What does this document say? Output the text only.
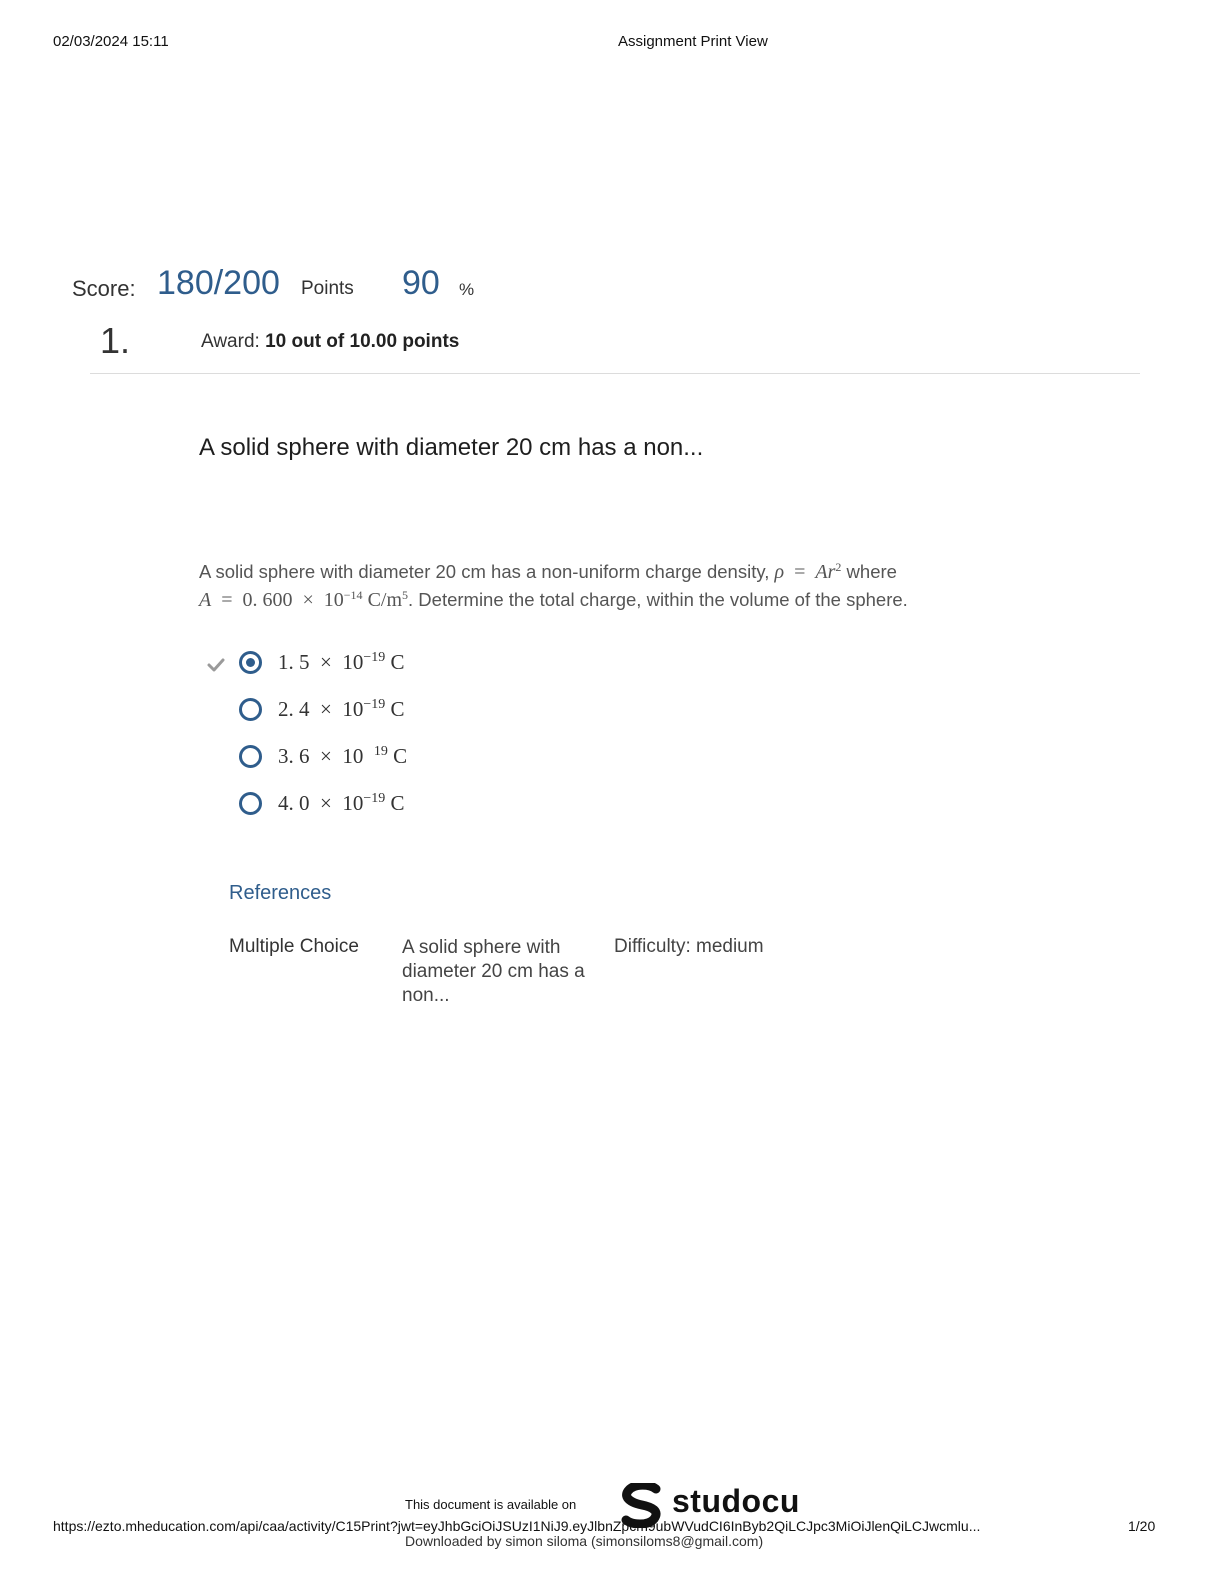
02/03/2024 15:11	Assignment Print View
Score: 180/200 Points 90 %
1.	Award: 10 out of 10.00 points
A solid sphere with diameter 20 cm has a non...
A solid sphere with diameter 20 cm has a non-uniform charge density, ρ  =  Ar$^2$ where
A  =  0. $600 \times 10^{-14}$ $C/m^5$. Determine the total charge, within the volume of the sphere.
1. $5 \times 10^{-19}$ C
2. $4 \times 10^{-19}$ C
3. 6  ×  10  $^{19}$ C
4. $0 \times 10^{-19}$ C
References
Multiple Choice A solid sphere with diameter 20 cm has a non...
Difficulty: medium
This document is available on	studocu
https://ezto.mheducation.com/api/caa/activity/C15Print?jwt=eyJhbGciOiJSUzI1NiJ9.eyJlbnZpcm9ubWVudCI6InByb2QiLCJpc3MiOiJlenQiLCJwcmlu...	1/20
Downloaded by simon siloma (simonsiloms8@gmail.com)
